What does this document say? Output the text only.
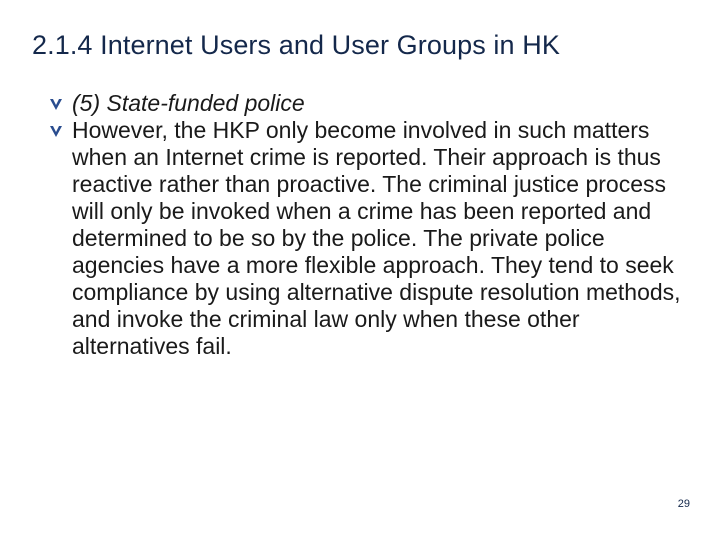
2.1.4 Internet Users and User Groups in HK
(5) State-funded police
However, the HKP only become involved in such matters when an Internet crime is reported. Their approach is thus reactive rather than proactive. The criminal justice process will only be invoked when a crime has been reported and determined to be so by the police. The private police agencies have a more flexible approach. They tend to seek compliance by using alternative dispute resolution methods, and invoke the criminal law only when these other alternatives fail.
29
